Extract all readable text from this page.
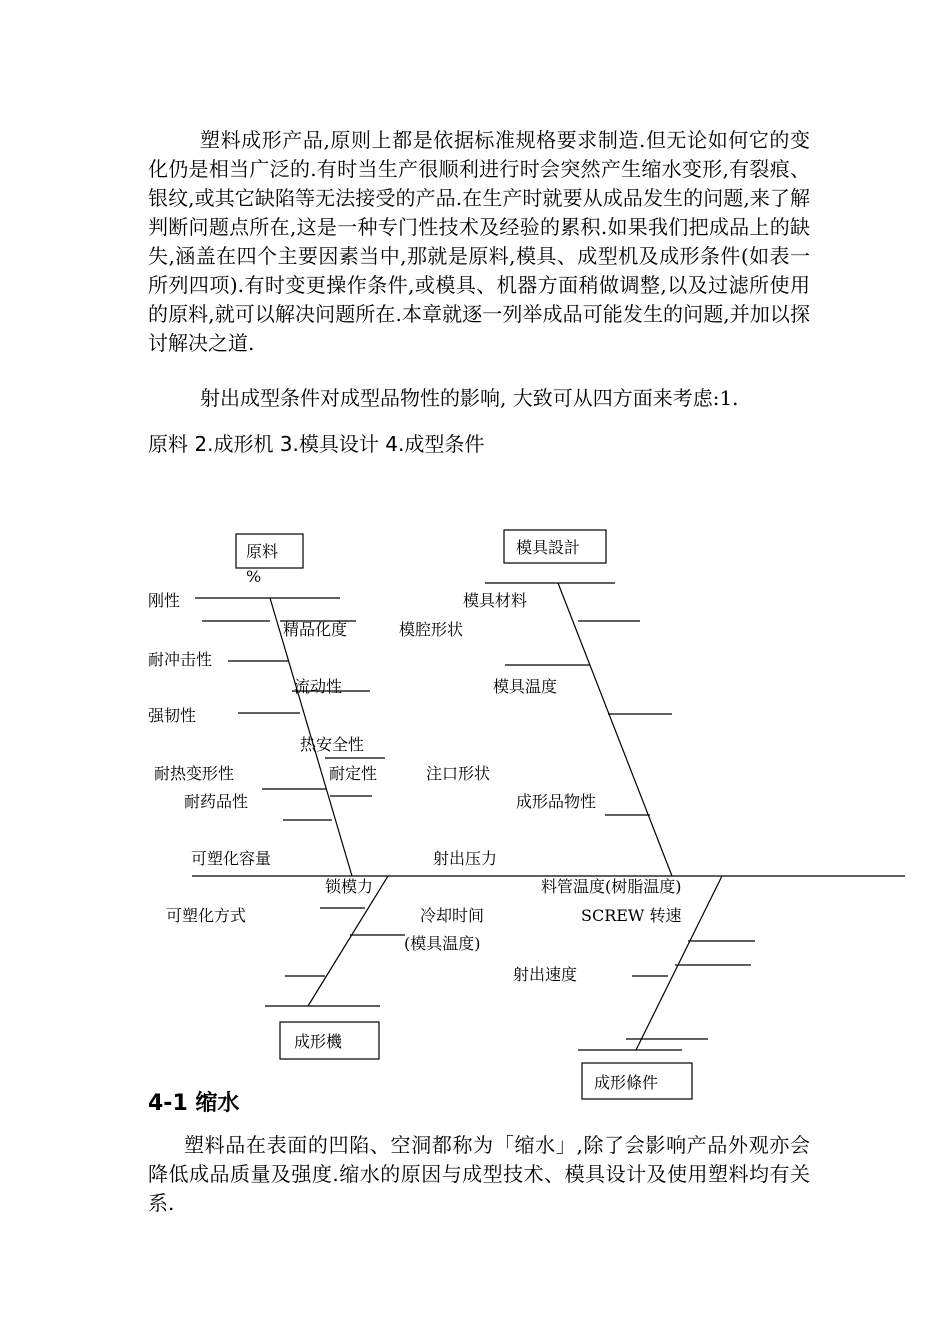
塑料成形产品,原则上都是依据标准规格要求制造.但无论如何它的变化仍是相当广泛的.有时当生产很顺利进行时会突然产生缩水变形,有裂痕、银纹,或其它缺陷等无法接受的产品.在生产时就要从成品发生的问题,来了解判断问题点所在,这是一种专门性技术及经验的累积.如果我们把成品上的缺失,涵盖在四个主要因素当中,那就是原料,模具、成型机及成形条件(如表一所列四项).有时变更操作条件,或模具、机器方面稍做调整,以及过滤所使用的原料,就可以解决问题所在.本章就逐一列举成品可能发生的问题,并加以探讨解决之道.

射出成型条件对成型品物性的影响, 大致可从四方面来考虑:1.

原料 2.成形机 3.模具设计 4.成型条件

原料	模具設計
成形機
成形條件
%
刚性
精品化度
耐冲击性
流动性
强韧性
热安全性
耐热变形性	耐定性
耐药品性
模具材料
模腔形状
模具温度
注口形状
成形品物性
可塑化容量
锁模力
可塑化方式
射出压力
料管温度(树脂温度)
SCREW 转速
冷却时间
(模具温度)
射出速度
4-1 缩水

塑料品在表面的凹陷、空洞都称为「缩水」,除了会影响产品外观亦会降低成品质量及强度.缩水的原因与成型技术、模具设计及使用塑料均有关系.
